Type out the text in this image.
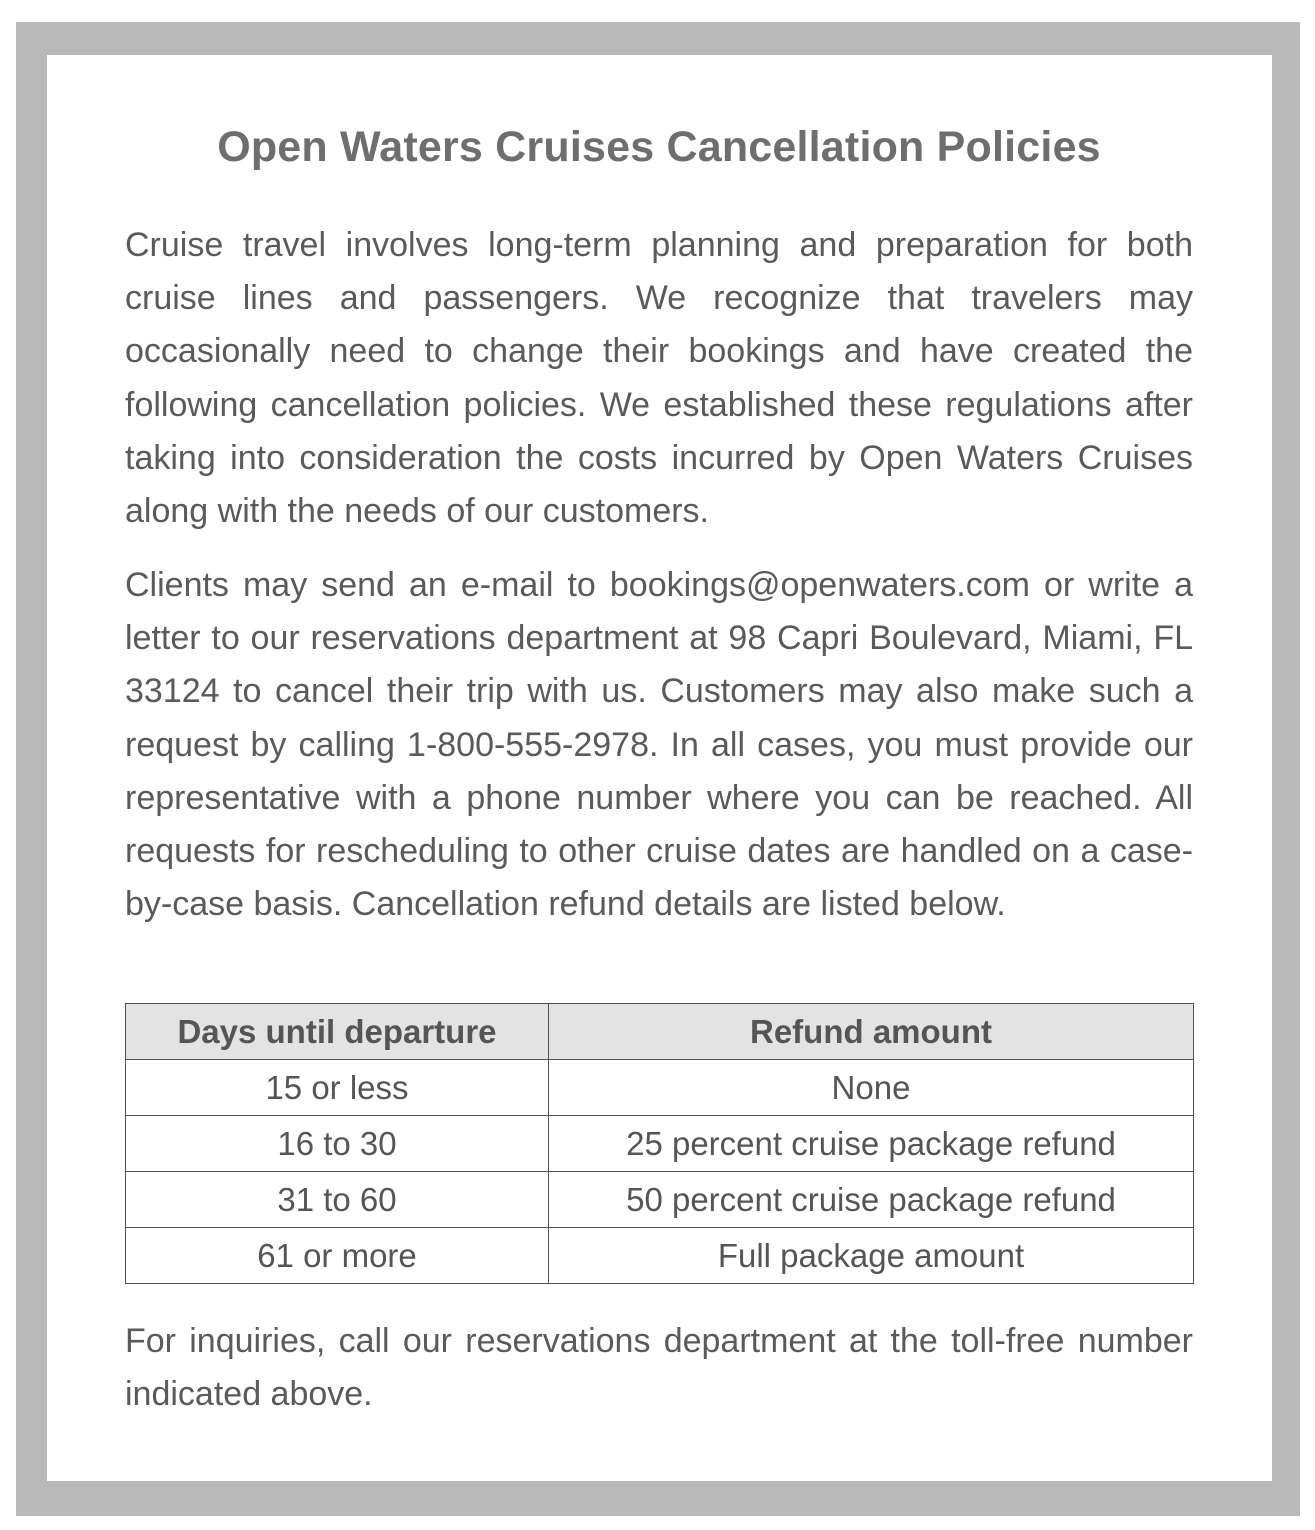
Open Waters Cruises Cancellation Policies

Cruise travel involves long-term planning and preparation for both cruise lines and passengers. We recognize that travelers may occasionally need to change their bookings and have created the following cancellation policies. We established these regulations after taking into consideration the costs incurred by Open Waters Cruises along with the needs of our customers.

Clients may send an e-mail to bookings@openwaters.com or write a letter to our reservations department at 98 Capri Boulevard, Miami, FL 33124 to cancel their trip with us. Customers may also make such a request by calling 1-800-555-2978. In all cases, you must provide our representative with a phone number where you can be reached. All requests for rescheduling to other cruise dates are handled on a case-by-case basis. Cancellation refund details are listed below.

Days until departure	Refund amount
15 or less	None
16 to 30	25 percent cruise package refund
31 to 60	50 percent cruise package refund
61 or more	Full package amount

For inquiries, call our reservations department at the toll-free number indicated above.
